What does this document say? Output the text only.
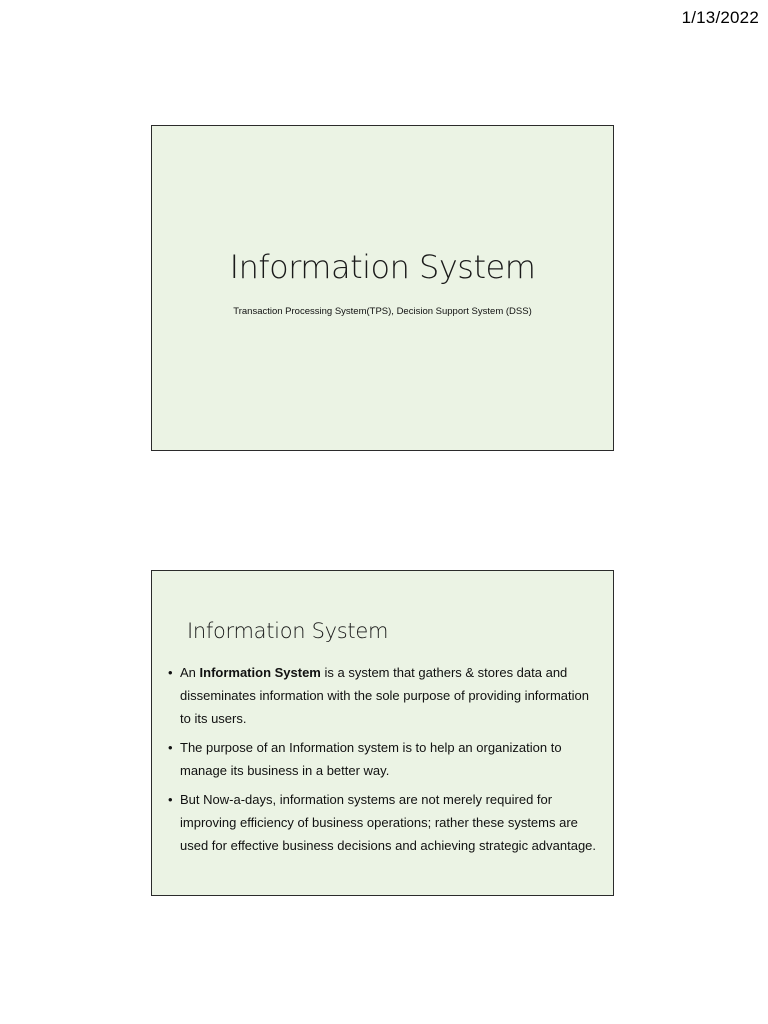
1/13/2022
Information System
Transaction Processing System(TPS), Decision Support System (DSS)
Information System
• An Information System is a system that gathers & stores data and disseminates information with the sole purpose of providing information to its users.
• The purpose of an Information system is to help an organization to manage its business in a better way.
• But Now-a-days, information systems are not merely required for improving efficiency of business operations; rather these systems are used for effective business decisions and achieving strategic advantage.
